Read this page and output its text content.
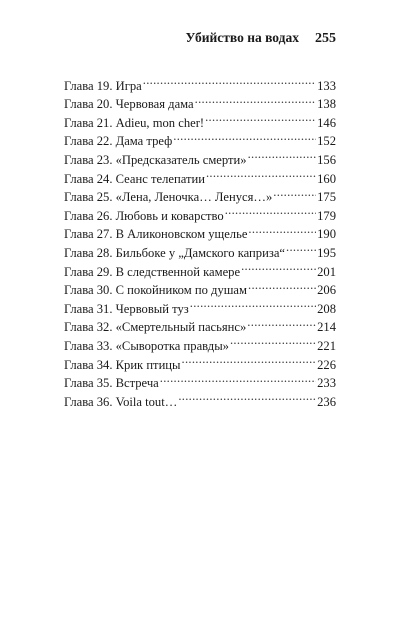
Убийство на водах 255
Глава 19. Игра .....	133
Глава 20. Червовая дама .....	138
Глава 21. Adieu, mon cher! .....	146
Глава 22. Дама треф .....	152
Глава 23. «Предсказатель смерти» .....	156
Глава 24. Сеанс телепатии .....	160
Глава 25. «Лена, Леночка… Ленуся…» .....	175
Глава 26. Любовь и коварство .....	179
Глава 27. В Аликоновском ущелье .....	190
Глава 28. Бильбоке у „Дамского каприза“ .....	195
Глава 29. В следственной камере .....	201
Глава 30. С покойником по душам .....	206
Глава 31. Червовый туз .....	208
Глава 32. «Смертельный пасьянс» .....	214
Глава 33. «Сыворотка правды» .....	221
Глава 34. Крик птицы .....	226
Глава 35. Встреча .....	233
Глава 36. Voila tout… .....	236
